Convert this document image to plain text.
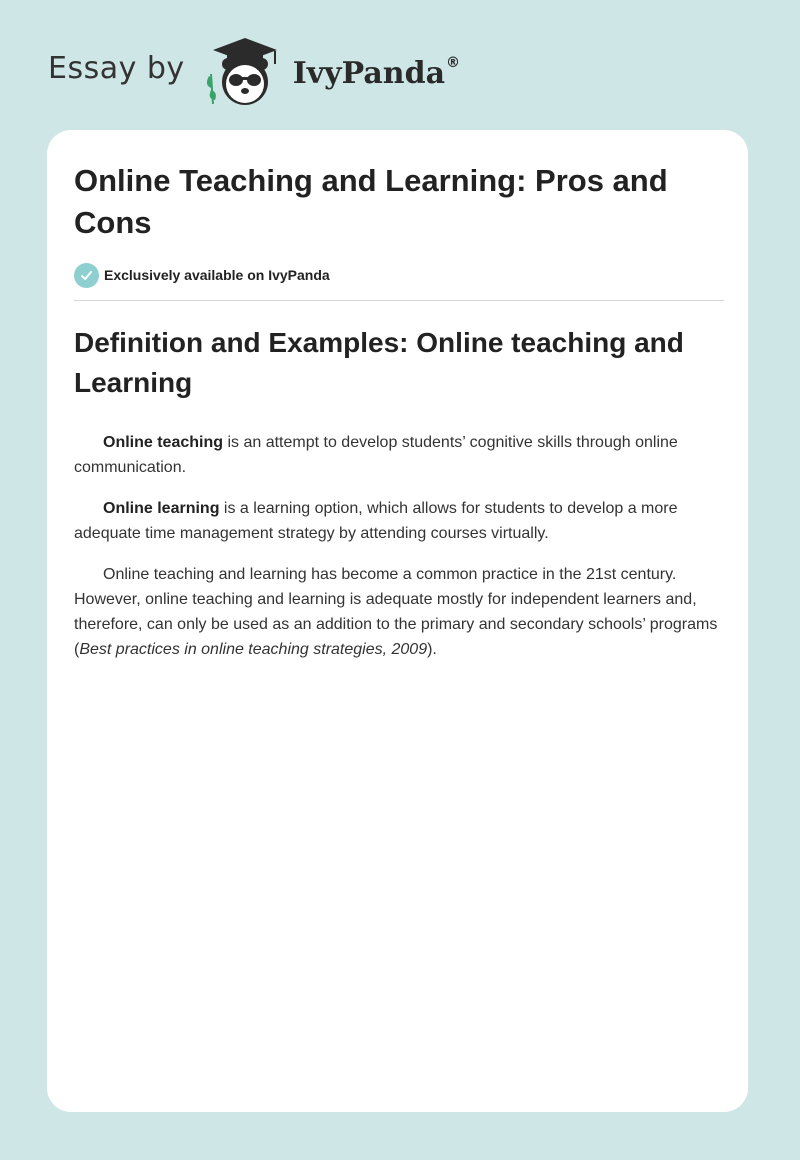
Essay by	IvyPanda®
Online Teaching and Learning: Pros and Cons
Exclusively available on IvyPanda
Definition and Examples: Online teaching and Learning

Online teaching is an attempt to develop students’ cognitive skills through online communication.

Online learning is a learning option, which allows for students to develop a more adequate time management strategy by attending courses virtually.

Online teaching and learning has become a common practice in the 21st century. However, online teaching and learning is adequate mostly for independent learners and, therefore, can only be used as an addition to the primary and secondary schools’ programs (Best practices in online teaching strategies, 2009).
